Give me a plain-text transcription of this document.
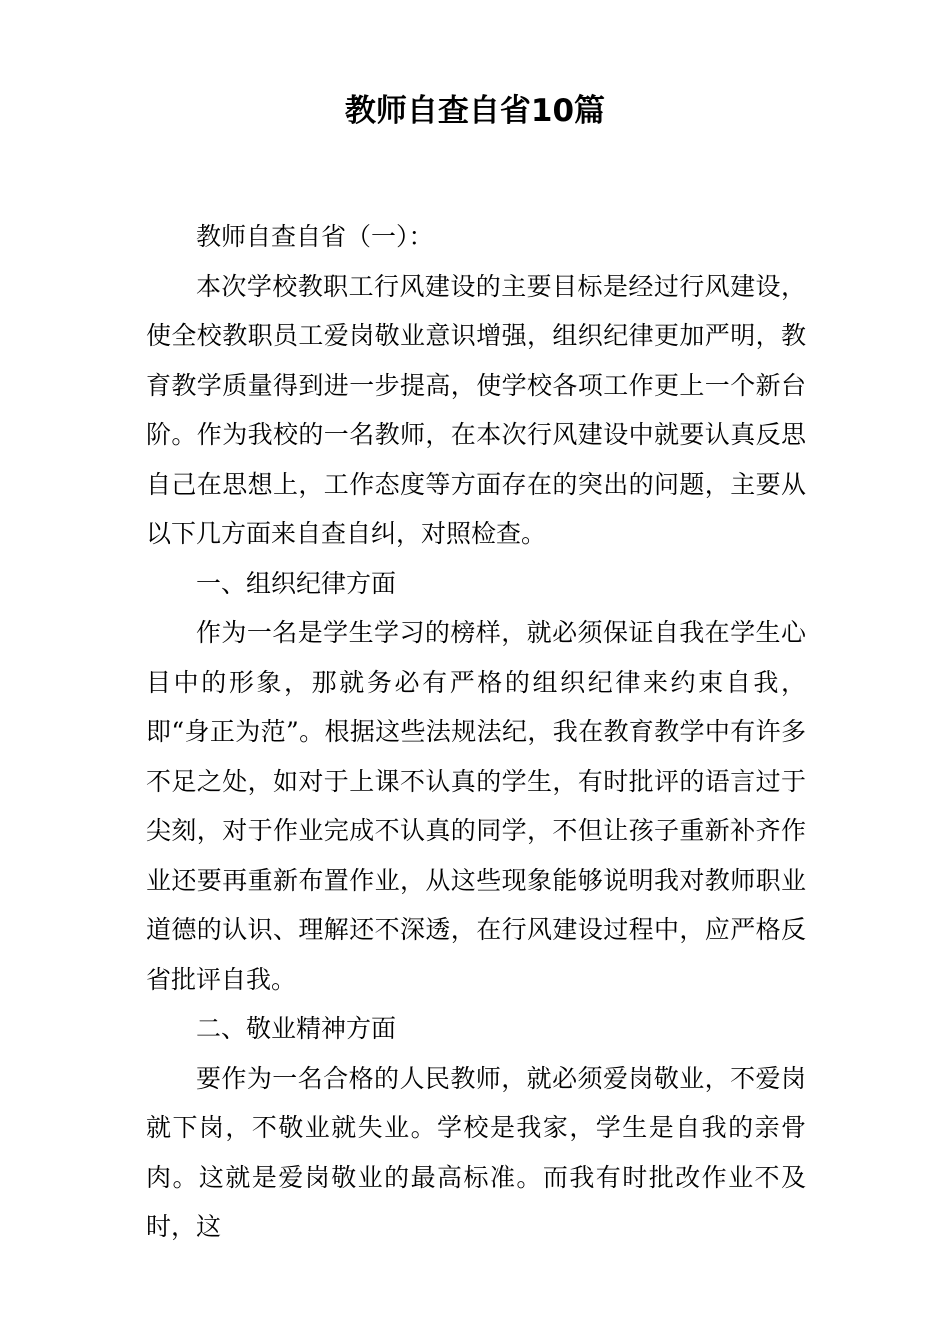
教师自查自省10篇

教师自查自省（一）：

本次学校教职工行风建设的主要目标是经过行风建设，使全校教职员工爱岗敬业意识增强，组织纪律更加严明，教育教学质量得到进一步提高，使学校各项工作更上一个新台阶。作为我校的一名教师，在本次行风建设中就要认真反思自己在思想上，工作态度等方面存在的突出的问题，主要从以下几方面来自查自纠，对照检查。

一、组织纪律方面

作为一名是学生学习的榜样，就必须保证自我在学生心目中的形象，那就务必有严格的组织纪律来约束自我，即“身正为范”。根据这些法规法纪，我在教育教学中有许多不足之处，如对于上课不认真的学生，有时批评的语言过于尖刻，对于作业完成不认真的同学，不但让孩子重新补齐作业还要再重新布置作业，从这些现象能够说明我对教师职业道德的认识、理解还不深透，在行风建设过程中，应严格反省批评自我。

二、敬业精神方面

要作为一名合格的人民教师，就必须爱岗敬业，不爱岗就下岗，不敬业就失业。学校是我家，学生是自我的亲骨肉。这就是爱岗敬业的最高标准。而我有时批改作业不及时，这
